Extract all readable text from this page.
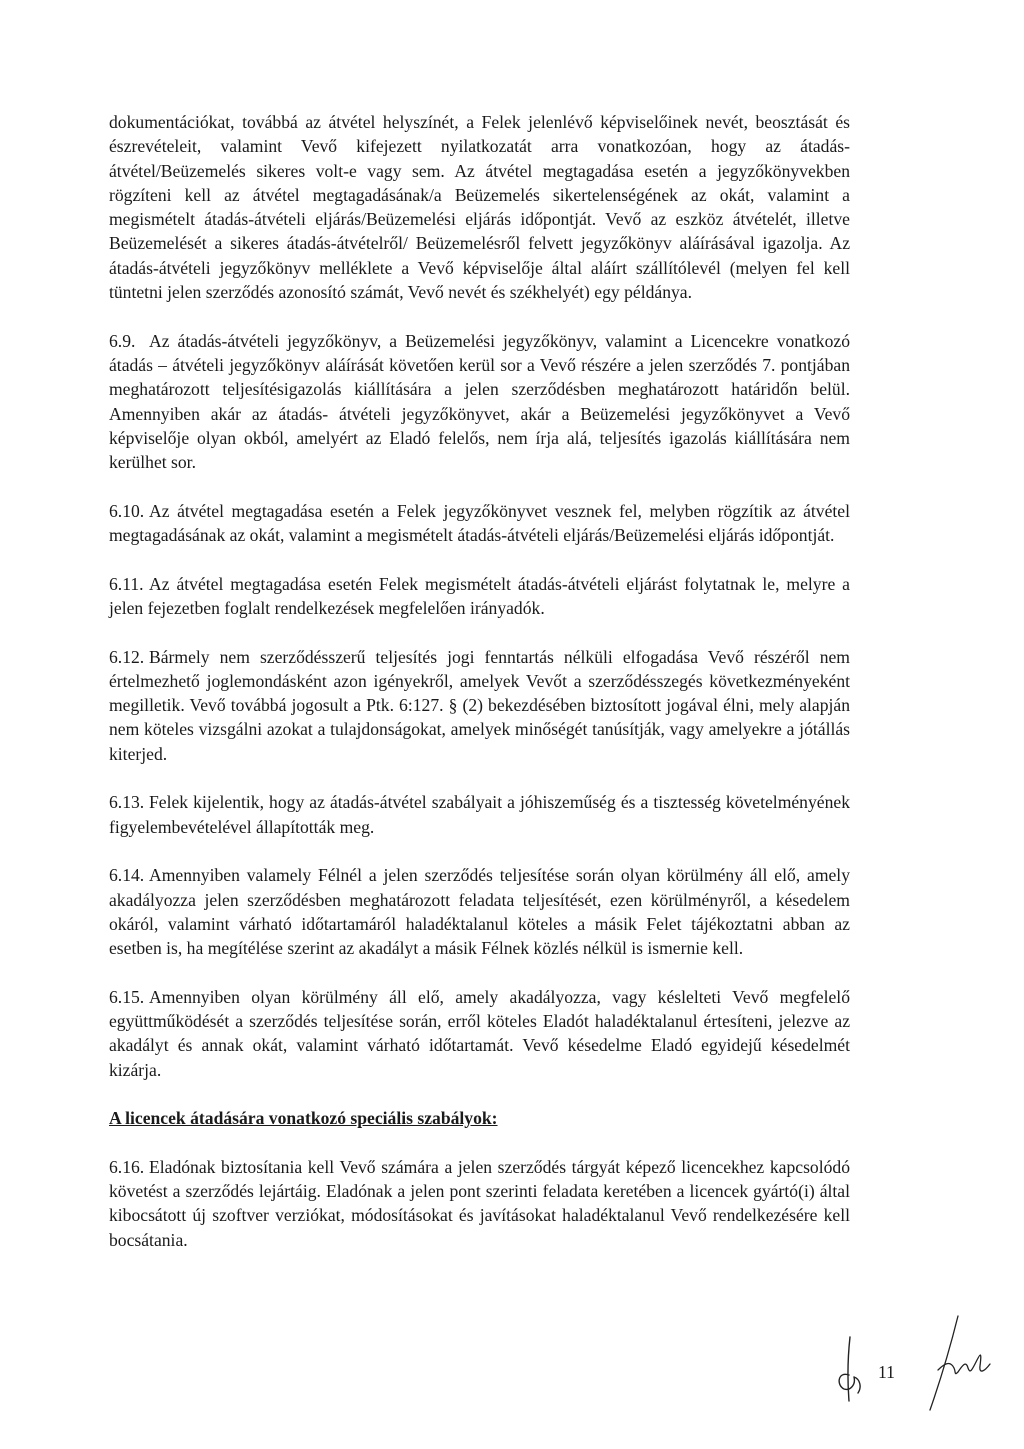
dokumentációkat, továbbá az átvétel helyszínét, a Felek jelenlévő képviselőinek nevét, beosztását és észrevételeit, valamint Vevő kifejezett nyilatkozatát arra vonatkozóan, hogy az átadás-átvétel/Beüzemelés sikeres volt-e vagy sem. Az átvétel megtagadása esetén a jegyzőkönyvekben rögzíteni kell az átvétel megtagadásának/a Beüzemelés sikertelenségének az okát, valamint a megismételt átadás-átvételi eljárás/Beüzemelési eljárás időpontját. Vevő az eszköz átvételét, illetve Beüzemelését a sikeres átadás-átvételről/ Beüzemelésről felvett jegyzőkönyv aláírásával igazolja. Az átadás-átvételi jegyzőkönyv melléklete a Vevő képviselője által aláírt szállítólevél (melyen fel kell tüntetni jelen szerződés azonosító számát, Vevő nevét és székhelyét) egy példánya.

6.9. Az átadás-átvételi jegyzőkönyv, a Beüzemelési jegyzőkönyv, valamint a Licencekre vonatkozó átadás – átvételi jegyzőkönyv aláírását követően kerül sor a Vevő részére a jelen szerződés 7. pontjában meghatározott teljesítésigazolás kiállítására a jelen szerződésben meghatározott határidőn belül. Amennyiben akár az átadás- átvételi jegyzőkönyvet, akár a Beüzemelési jegyzőkönyvet a Vevő képviselője olyan okból, amelyért az Eladó felelős, nem írja alá, teljesítés igazolás kiállítására nem kerülhet sor.

6.10. Az átvétel megtagadása esetén a Felek jegyzőkönyvet vesznek fel, melyben rögzítik az átvétel megtagadásának az okát, valamint a megismételt átadás-átvételi eljárás/Beüzemelési eljárás időpontját.

6.11. Az átvétel megtagadása esetén Felek megismételt átadás-átvételi eljárást folytatnak le, melyre a jelen fejezetben foglalt rendelkezések megfelelően irányadók.

6.12. Bármely nem szerződésszerű teljesítés jogi fenntartás nélküli elfogadása Vevő részéről nem értelmezhető joglemondásként azon igényekről, amelyek Vevőt a szerződésszegés következményeként megilletik. Vevő továbbá jogosult a Ptk. 6:127. § (2) bekezdésében biztosított jogával élni, mely alapján nem köteles vizsgálni azokat a tulajdonságokat, amelyek minőségét tanúsítják, vagy amelyekre a jótállás kiterjed.

6.13. Felek kijelentik, hogy az átadás-átvétel szabályait a jóhiszeműség és a tisztesség követelményének figyelembevételével állapították meg.

6.14. Amennyiben valamely Félnél a jelen szerződés teljesítése során olyan körülmény áll elő, amely akadályozza jelen szerződésben meghatározott feladata teljesítését, ezen körülményről, a késedelem okáról, valamint várható időtartamáról haladéktalanul köteles a másik Felet tájékoztatni abban az esetben is, ha megítélése szerint az akadályt a másik Félnek közlés nélkül is ismernie kell.

6.15. Amennyiben olyan körülmény áll elő, amely akadályozza, vagy késlelteti Vevő megfelelő együttműködését a szerződés teljesítése során, erről köteles Eladót haladéktalanul értesíteni, jelezve az akadályt és annak okát, valamint várható időtartamát. Vevő késedelme Eladó egyidejű késedelmét kizárja.

A licencek átadására vonatkozó speciális szabályok:

6.16. Eladónak biztosítania kell Vevő számára a jelen szerződés tárgyát képező licencekhez kapcsolódó követést a szerződés lejártáig. Eladónak a jelen pont szerinti feladata keretében a licencek gyártó(i) által kibocsátott új szoftver verziókat, módosításokat és javításokat haladéktalanul Vevő rendelkezésére kell bocsátania.

11
